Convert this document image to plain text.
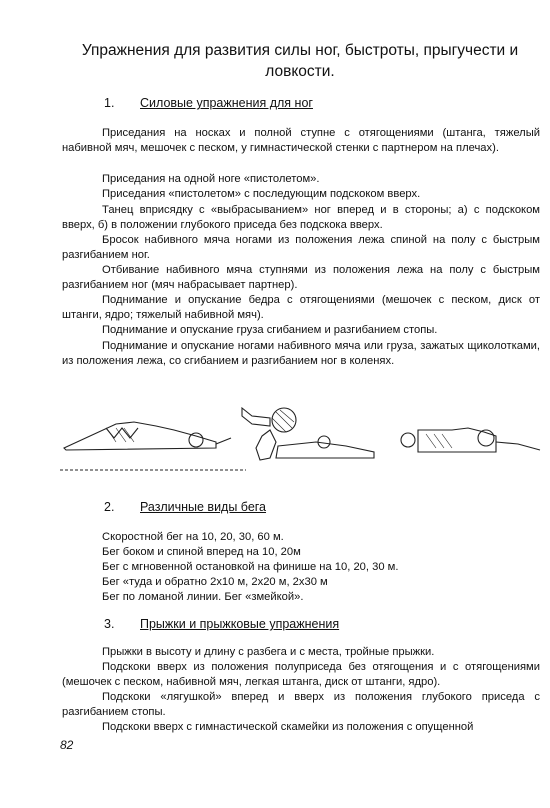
Упражнения для развития силы ног, быстроты, прыгучести и
ловкости.
1. Силовые упражнения для ног

Приседания на носках и полной ступне с отягощениями (штанга, тяжелый набивной мяч, мешочек с песком, у гимнастической стенки с партнером на плечах).

Приседания на одной ноге «пистолетом».

Приседания «пистолетом» с последующим подскоком вверх.

Танец вприсядку с «выбрасыванием» ног вперед и в стороны; а) с подскоком вверх, б) в положении глубокого приседа без подскока вверх.

Бросок набивного мяча ногами из положения лежа спиной на полу с быстрым разгибанием ног.

Отбивание набивного мяча ступнями из положения лежа на полу с быстрым разгибанием ног (мяч набрасывает партнер).

Поднимание и опускание бедра с отягощениями (мешочек с песком, диск от штанги, ядро; тяжелый набивной мяч).

Поднимание и опускание груза сгибанием и разгибанием стопы.

Поднимание и опускание ногами набивного мяча или груза, зажатых щиколотками, из положения лежа, со сгибанием и разгибанием ног в коленях.

2. Различные виды бега
Скоростной бег на 10, 20, 30, 60 м.
Бег боком и спиной вперед на 10, 20м
Бег с мгновенной остановкой на финише на 10, 20, 30 м.
Бег «туда и обратно 2х10 м, 2х20 м, 2х30 м
Бег по ломаной линии. Бег «змейкой».
3. Прыжки и прыжковые упражнения

Прыжки в высоту и длину с разбега и с места, тройные прыжки.

Подскоки вверх из положения полуприседа без отягощения и с отягощениями (мешочек с песком, набивной мяч, легкая штанга, диск от штанги, ядро).

Подскоки «лягушкой» вперед и вверх из положения глубокого приседа с разгибанием стопы.

Подскоки вверх с гимнастической скамейки из положения с опущенной

82
